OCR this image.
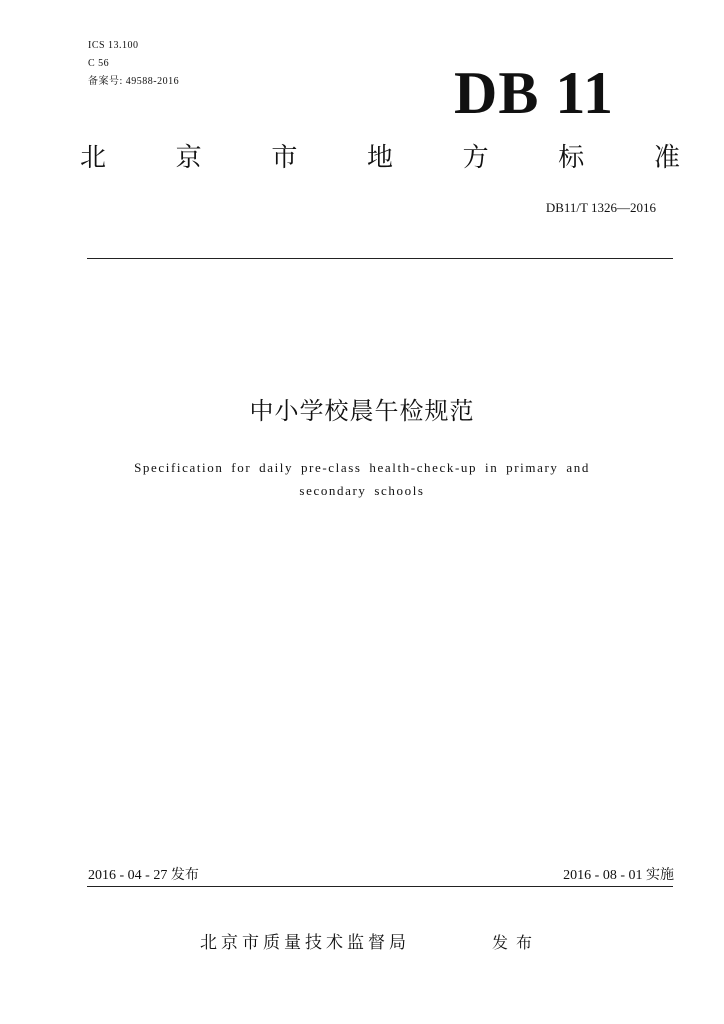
ICS 13.100
C 56
备案号: 49588-2016	DB 11
北	京	市	地	方	标	准
DB11/T 1326—2016
中小学校晨午检规范
Specification for daily pre-class health-check-up in primary and
secondary schools
2016 - 04 - 27 发布	2016 - 08 - 01 实施
北京市质量技术监督局	发布
